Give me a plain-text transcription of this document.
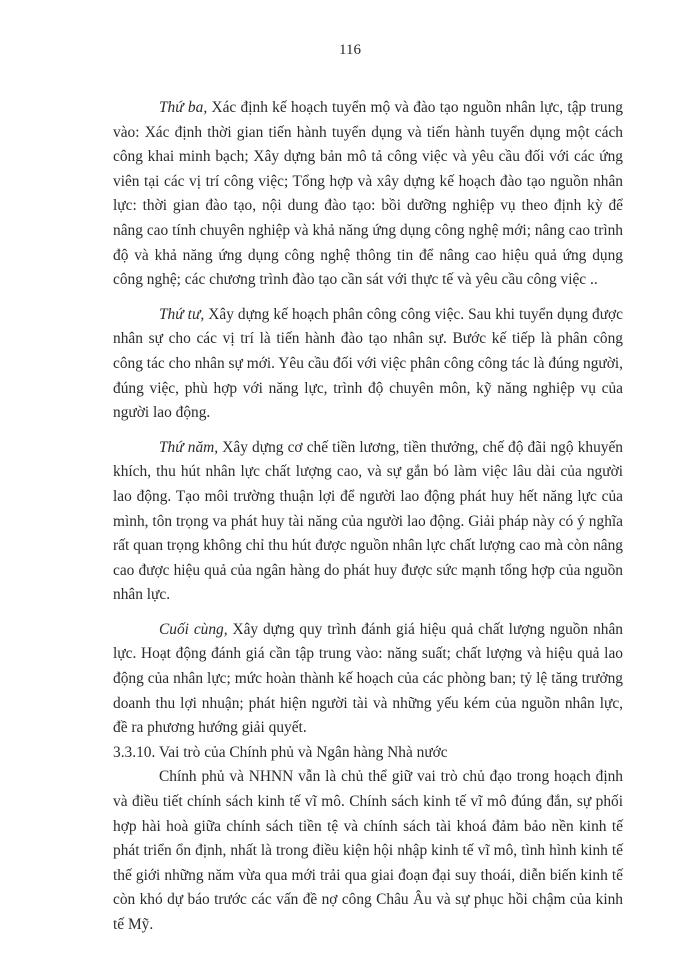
116

Thứ ba, Xác định kế hoạch tuyển mộ và đào tạo nguồn nhân lực, tập trung vào: Xác định thời gian tiến hành tuyển dụng và tiến hành tuyển dụng một cách công khai minh bạch; Xây dựng bản mô tả công việc và yêu cầu đối với các ứng viên tại các vị trí công việc; Tổng hợp và xây dựng kế hoạch đào tạo nguồn nhân lực: thời gian đào tạo, nội dung đào tạo: bồi dưỡng nghiệp vụ theo định kỳ để nâng cao tính chuyên nghiệp và khả năng ứng dụng công nghệ mới; nâng cao trình độ và khả năng ứng dụng công nghệ thông tin để nâng cao hiệu quả ứng dụng công nghệ; các chương trình đào tạo cần sát với thực tế và yêu cầu công việc ..

Thứ tư, Xây dựng kế hoạch phân công công việc. Sau khi tuyển dụng được nhân sự cho các vị trí là tiến hành đào tạo nhân sự. Bước kế tiếp là phân công công tác cho nhân sự mới. Yêu cầu đối với việc phân công công tác là đúng người, đúng việc, phù hợp với năng lực, trình độ chuyên môn, kỹ năng nghiệp vụ của người lao động.

Thứ năm, Xây dựng cơ chế tiền lương, tiền thưởng, chế độ đãi ngộ khuyến khích, thu hút nhân lực chất lượng cao, và sự gắn bó làm việc lâu dài của người lao động. Tạo môi trường thuận lợi để người lao động phát huy hết năng lực của mình, tôn trọng va phát huy tài năng của người lao động. Giải pháp này có ý nghĩa rất quan trọng không chỉ thu hút được nguồn nhân lực chất lượng cao mà còn nâng cao được hiệu quả của ngân hàng do phát huy được sức mạnh tổng hợp của nguồn nhân lực.

Cuối cùng, Xây dựng quy trình đánh giá hiệu quả chất lượng nguồn nhân lực. Hoạt động đánh giá cần tập trung vào: năng suất; chất lượng và hiệu quả lao động của nhân lực; mức hoàn thành kế hoạch của các phòng ban; tỷ lệ tăng trưởng doanh thu lợi nhuận; phát hiện người tài và những yếu kém của nguồn nhân lực, đề ra phương hướng giải quyết.

3.3.10. Vai trò của Chính phủ và Ngân hàng Nhà nước

Chính phủ và NHNN vẫn là chủ thể giữ vai trò chủ đạo trong hoạch định và điều tiết chính sách kinh tế vĩ mô. Chính sách kinh tế vĩ mô đúng đắn, sự phối hợp hài hoà giữa chính sách tiền tệ và chính sách tài khoá đảm bảo nền kinh tế phát triển ổn định, nhất là trong điều kiện hội nhập kinh tế vĩ mô, tình hình kinh tế thế giới những năm vừa qua mới trải qua giai đoạn đại suy thoái, diễn biến kinh tế còn khó dự báo trước các vấn đề nợ công Châu Âu và sự phục hồi chậm của kinh tế Mỹ.
